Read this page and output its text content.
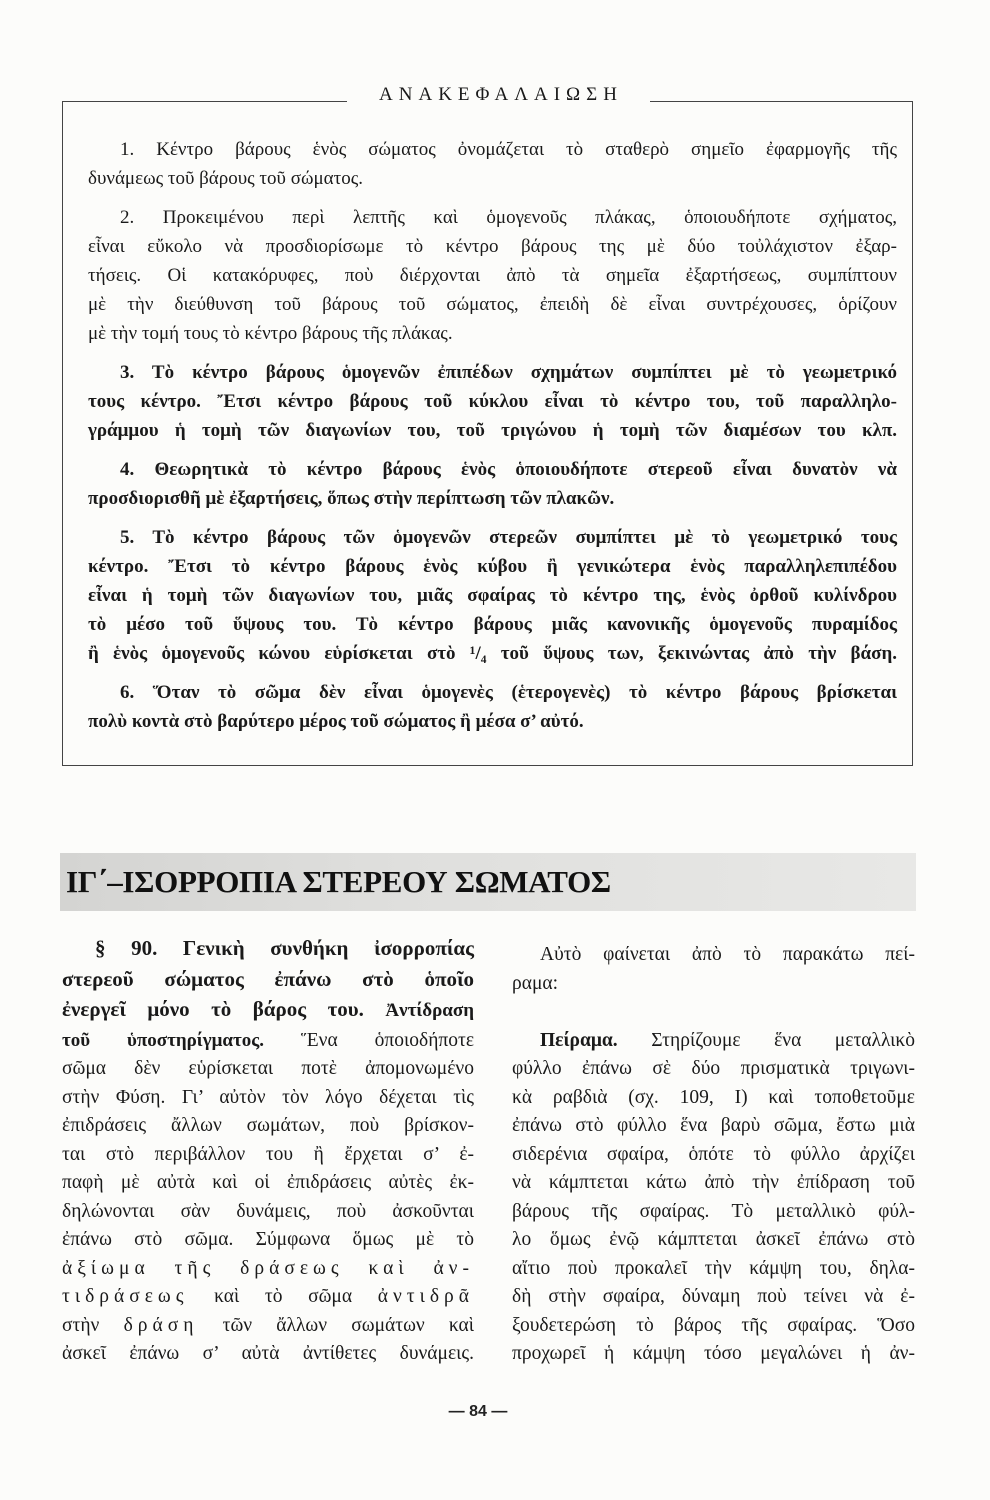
ΑΝΑΚΕΦΑΛΑΙΩΣΗ
1. Κέντρο βάρους ἑνὸς σώματος ὀνομάζεται τὸ σταθερὸ σημεῖο ἐφαρμογῆς τῆς
δυνάμεως τοῦ βάρους τοῦ σώματος.
2. Προκειμένου περὶ λεπτῆς καὶ ὁμογενοῦς πλάκας, ὁποιουδήποτε σχήματος,
εἶναι εὔκολο νὰ προσδιορίσωμε τὸ κέντρο βάρους της μὲ δύο τοὐλάχιστον ἐξαρ-
τήσεις. Οἱ κατακόρυφες, ποὺ διέρχονται ἀπὸ τὰ σημεῖα ἐξαρτήσεως, συμπίπτουν
μὲ τὴν διεύθυνση τοῦ βάρους τοῦ σώματος, ἐπειδὴ δὲ εἶναι συντρέχουσες, ὁρίζουν
μὲ τὴν τομή τους τὸ κέντρο βάρους τῆς πλάκας.
3. Τὸ κέντρο βάρους ὁμογενῶν ἐπιπέδων σχημάτων συμπίπτει μὲ τὸ γεωμετρικό
τους κέντρο. Ἔτσι κέντρο βάρους τοῦ κύκλου εἶναι τὸ κέντρο του, τοῦ παραλληλο-
γράμμου ἡ τομὴ τῶν διαγωνίων του, τοῦ τριγώνου ἡ τομὴ τῶν διαμέσων του κλπ.
4. Θεωρητικὰ τὸ κέντρο βάρους ἑνὸς ὁποιουδήποτε στερεοῦ εἶναι δυνατὸν νὰ
προσδιορισθῆ μὲ ἐξαρτήσεις, ὅπως στὴν περίπτωση τῶν πλακῶν.
5. Τὸ κέντρο βάρους τῶν ὁμογενῶν στερεῶν συμπίπτει μὲ τὸ γεωμετρικό τους
κέντρο. Ἔτσι τὸ κέντρο βάρους ἑνὸς κύβου ἢ γενικώτερα ἑνὸς παραλληλεπιπέδου
εἶναι ἡ τομὴ τῶν διαγωνίων του, μιᾶς σφαίρας τὸ κέντρο της, ἑνὸς ὀρθοῦ κυλίνδρου
τὸ μέσο τοῦ ὕψους του. Τὸ κέντρο βάρους μιᾶς κανονικῆς ὁμογενοῦς πυραμίδος
ἢ ἑνὸς ὁμογενοῦς κώνου εὑρίσκεται στὸ ¹/₄ τοῦ ὕψους των, ξεκινώντας ἀπὸ τὴν βάση.
6. Ὅταν τὸ σῶμα δὲν εἶναι ὁμογενὲς (ἑτερογενὲς) τὸ κέντρο βάρους βρίσκεται
πολὺ κοντὰ στὸ βαρύτερο μέρος τοῦ σώματος ἢ μέσα σ’ αὐτό.
ΙΓ΄–ΙΣΟΡΡΟΠΙΑ ΣΤΕΡΕΟΥ ΣΩΜΑΤΟΣ
§ 90. Γενικὴ συνθήκη ἰσορροπίας
στερεοῦ σώματος ἐπάνω στὸ ὁποῖο
ἐνεργεῖ μόνο τὸ βάρος του. Ἀντίδραση
τοῦ ὑποστηρίγματος. Ἕνα ὁποιοδήποτε
σῶμα δὲν εὑρίσκεται ποτὲ ἀπομονωμένο
στὴν Φύση. Γι’ αὐτὸν τὸν λόγο δέχεται τὶς
ἐπιδράσεις ἄλλων σωμάτων, ποὺ βρίσκον-
ται στὸ περιβάλλον του ἢ ἔρχεται σ’ ἐ-
παφὴ μὲ αὐτὰ καὶ οἱ ἐπιδράσεις αὐτὲς ἐκ-
δηλώνονται σὰν δυνάμεις, ποὺ ἀσκοῦνται
ἐπάνω στὸ σῶμα. Σύμφωνα ὅμως μὲ τὸ
ἀξίωμα τῆς δράσεως καὶ ἀν-
τιδράσεως καὶ τὸ σῶμα ἀντιδρᾶ
στὴν δράση τῶν ἄλλων σωμάτων καὶ
ἀσκεῖ ἐπάνω σ’ αὐτὰ ἀντίθετες δυνάμεις.
Αὐτὸ φαίνεται ἀπὸ τὸ παρακάτω πεί-
ραμα:
Πείραμα. Στηρίζουμε ἕνα μεταλλικὸ
φύλλο ἐπάνω σὲ δύο πρισματικὰ τριγωνι-
κὰ ραβδιὰ (σχ. 109, Ι) καὶ τοποθετοῦμε
ἐπάνω στὸ φύλλο ἕνα βαρὺ σῶμα, ἔστω μιὰ
σιδερένια σφαίρα, ὁπότε τὸ φύλλο ἀρχίζει
νὰ κάμπτεται κάτω ἀπὸ τὴν ἐπίδραση τοῦ
βάρους τῆς σφαίρας. Τὸ μεταλλικὸ φύλ-
λο ὅμως ἐνῷ κάμπτεται ἀσκεῖ ἐπάνω στὸ
αἴτιο ποὺ προκαλεῖ τὴν κάμψη του, δηλα-
δὴ στὴν σφαίρα, δύναμη ποὺ τείνει νὰ ἐ-
ξουδετερώση τὸ βάρος τῆς σφαίρας. Ὅσο
προχωρεῖ ἡ κάμψη τόσο μεγαλώνει ἡ ἀν-
— 84 —
